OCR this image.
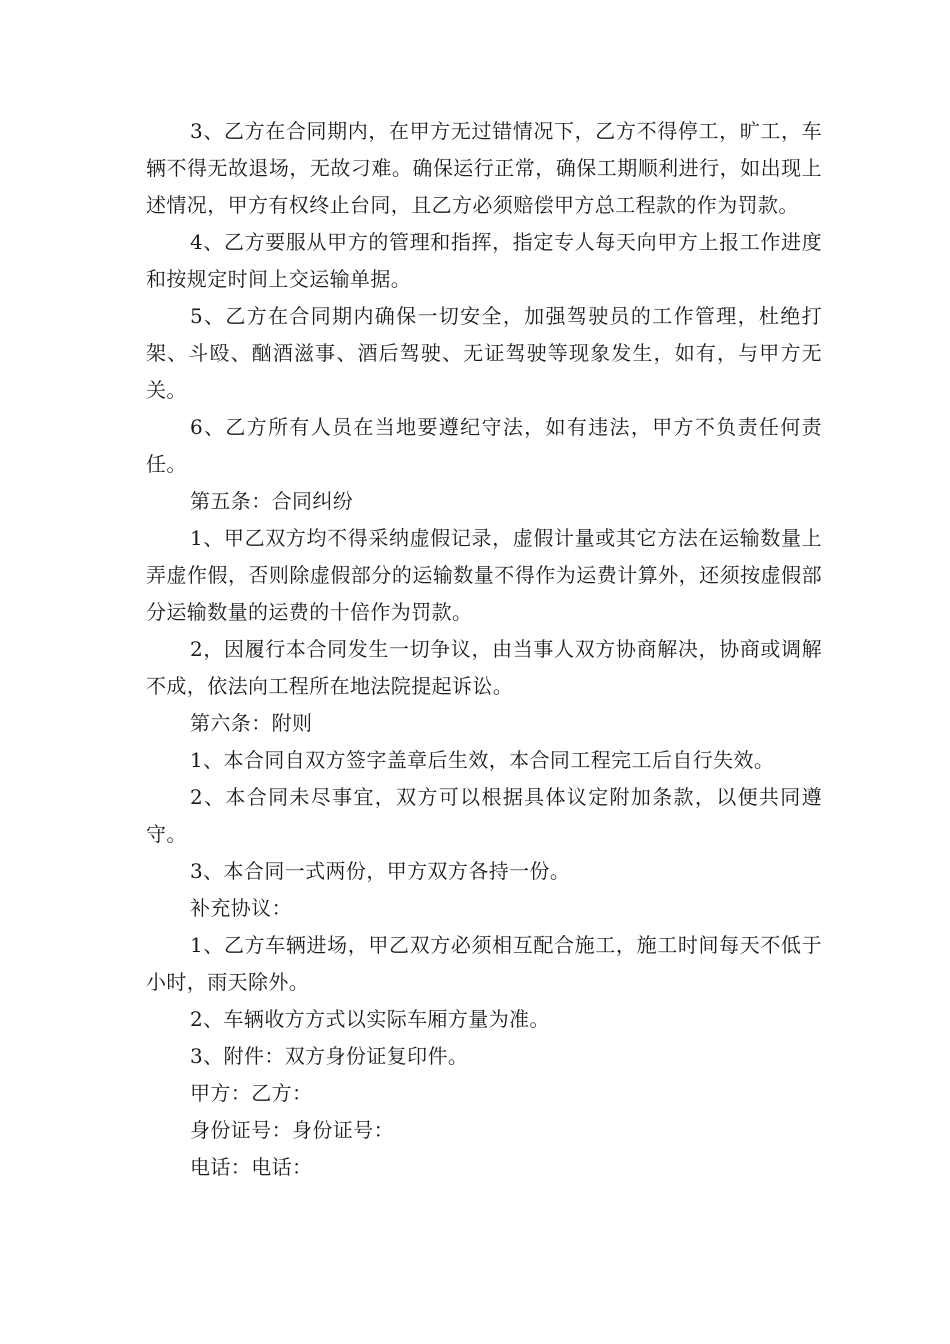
3、乙方在合同期内，在甲方无过错情况下，乙方不得停工，旷工，车辆不得无故退场，无故刁难。确保运行正常，确保工期顺利进行，如出现上述情况，甲方有权终止台同，且乙方必须赔偿甲方总工程款的作为罚款。

4、乙方要服从甲方的管理和指挥，指定专人每天向甲方上报工作进度和按规定时间上交运输单据。

5、乙方在合同期内确保一切安全，加强驾驶员的工作管理，杜绝打架、斗殴、酗酒滋事、酒后驾驶、无证驾驶等现象发生，如有，与甲方无关。

6、乙方所有人员在当地要遵纪守法，如有违法，甲方不负责任何责任。

第五条：合同纠纷

1、甲乙双方均不得采纳虚假记录，虚假计量或其它方法在运输数量上弄虚作假，否则除虚假部分的运输数量不得作为运费计算外，还须按虚假部分运输数量的运费的十倍作为罚款。

2，因履行本合同发生一切争议，由当事人双方协商解决，协商或调解不成，依法向工程所在地法院提起诉讼。

第六条：附则

1、本合同自双方签字盖章后生效，本合同工程完工后自行失效。

2、本合同未尽事宜，双方可以根据具体议定附加条款，以便共同遵守。

3、本合同一式两份，甲方双方各持一份。

补充协议：

1、乙方车辆进场，甲乙双方必须相互配合施工，施工时间每天不低于小时，雨天除外。

2、车辆收方方式以实际车厢方量为准。

3、附件：双方身份证复印件。

甲方：乙方：

身份证号：身份证号：

电话：电话：
